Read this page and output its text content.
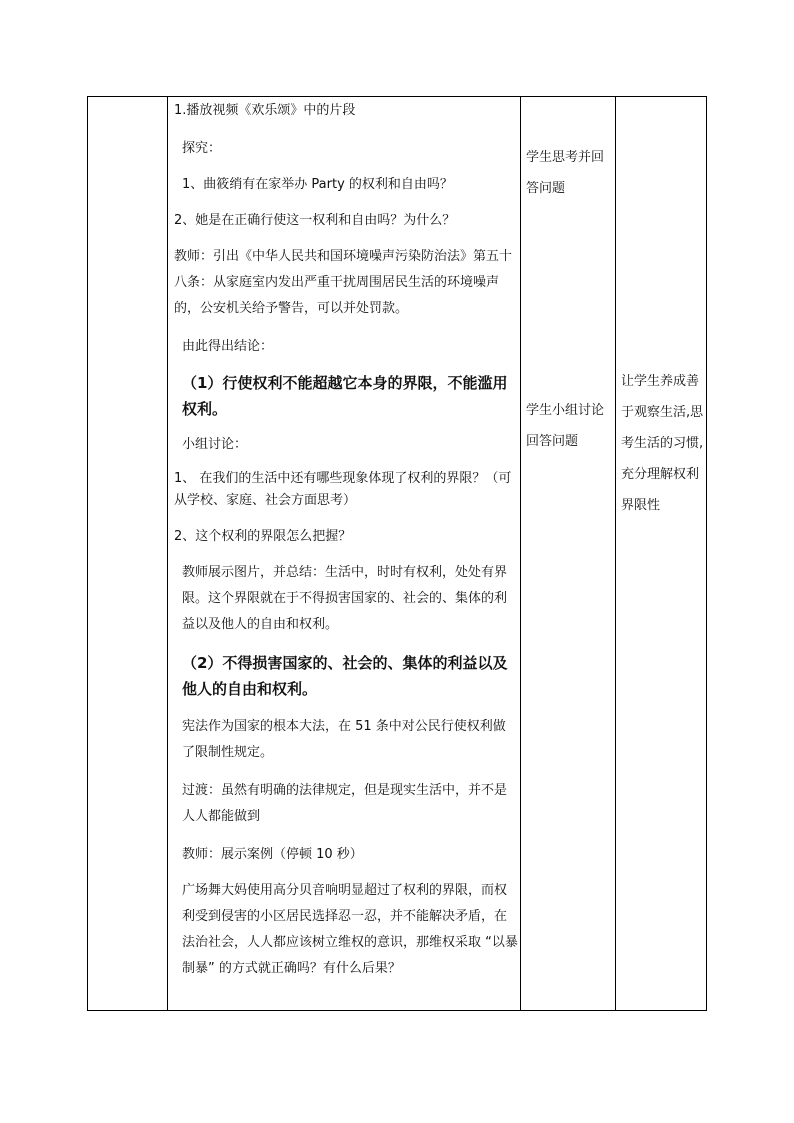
1.播放视频《欢乐颂》中的片段

探究：

1、曲筱绡有在家举办 Party 的权利和自由吗？

2、她是在正确行使这一权利和自由吗？为什么？

教师：引出《中华人民共和国环境噪声污染防治法》第五十八条：从家庭室内发出严重干扰周围居民生活的环境噪声的，公安机关给予警告，可以并处罚款。

由此得出结论：

（1）行使权利不能超越它本身的界限，不能滥用权利。

小组讨论：

1、 在我们的生活中还有哪些现象体现了权利的界限？（可从学校、家庭、社会方面思考）

2、这个权利的界限怎么把握？

教师展示图片，并总结：生活中，时时有权利，处处有界限。这个界限就在于不得损害国家的、社会的、集体的利益以及他人的自由和权利。

（2）不得损害国家的、社会的、集体的利益以及他人的自由和权利。

宪法作为国家的根本大法，在 51 条中对公民行使权利做了限制性规定。

过渡：虽然有明确的法律规定，但是现实生活中，并不是人人都能做到

教师：展示案例（停顿 10 秒）

广场舞大妈使用高分贝音响明显超过了权利的界限，而权利受到侵害的小区居民选择忍一忍，并不能解决矛盾，在法治社会，人人都应该树立维权的意识，那维权采取 “以暴制暴” 的方式就正确吗？有什么后果？

学生思考并回答问题

学生小组讨论回答问题

让学生养成善于观察生活,思考生活的习惯,充分理解权利界限性
